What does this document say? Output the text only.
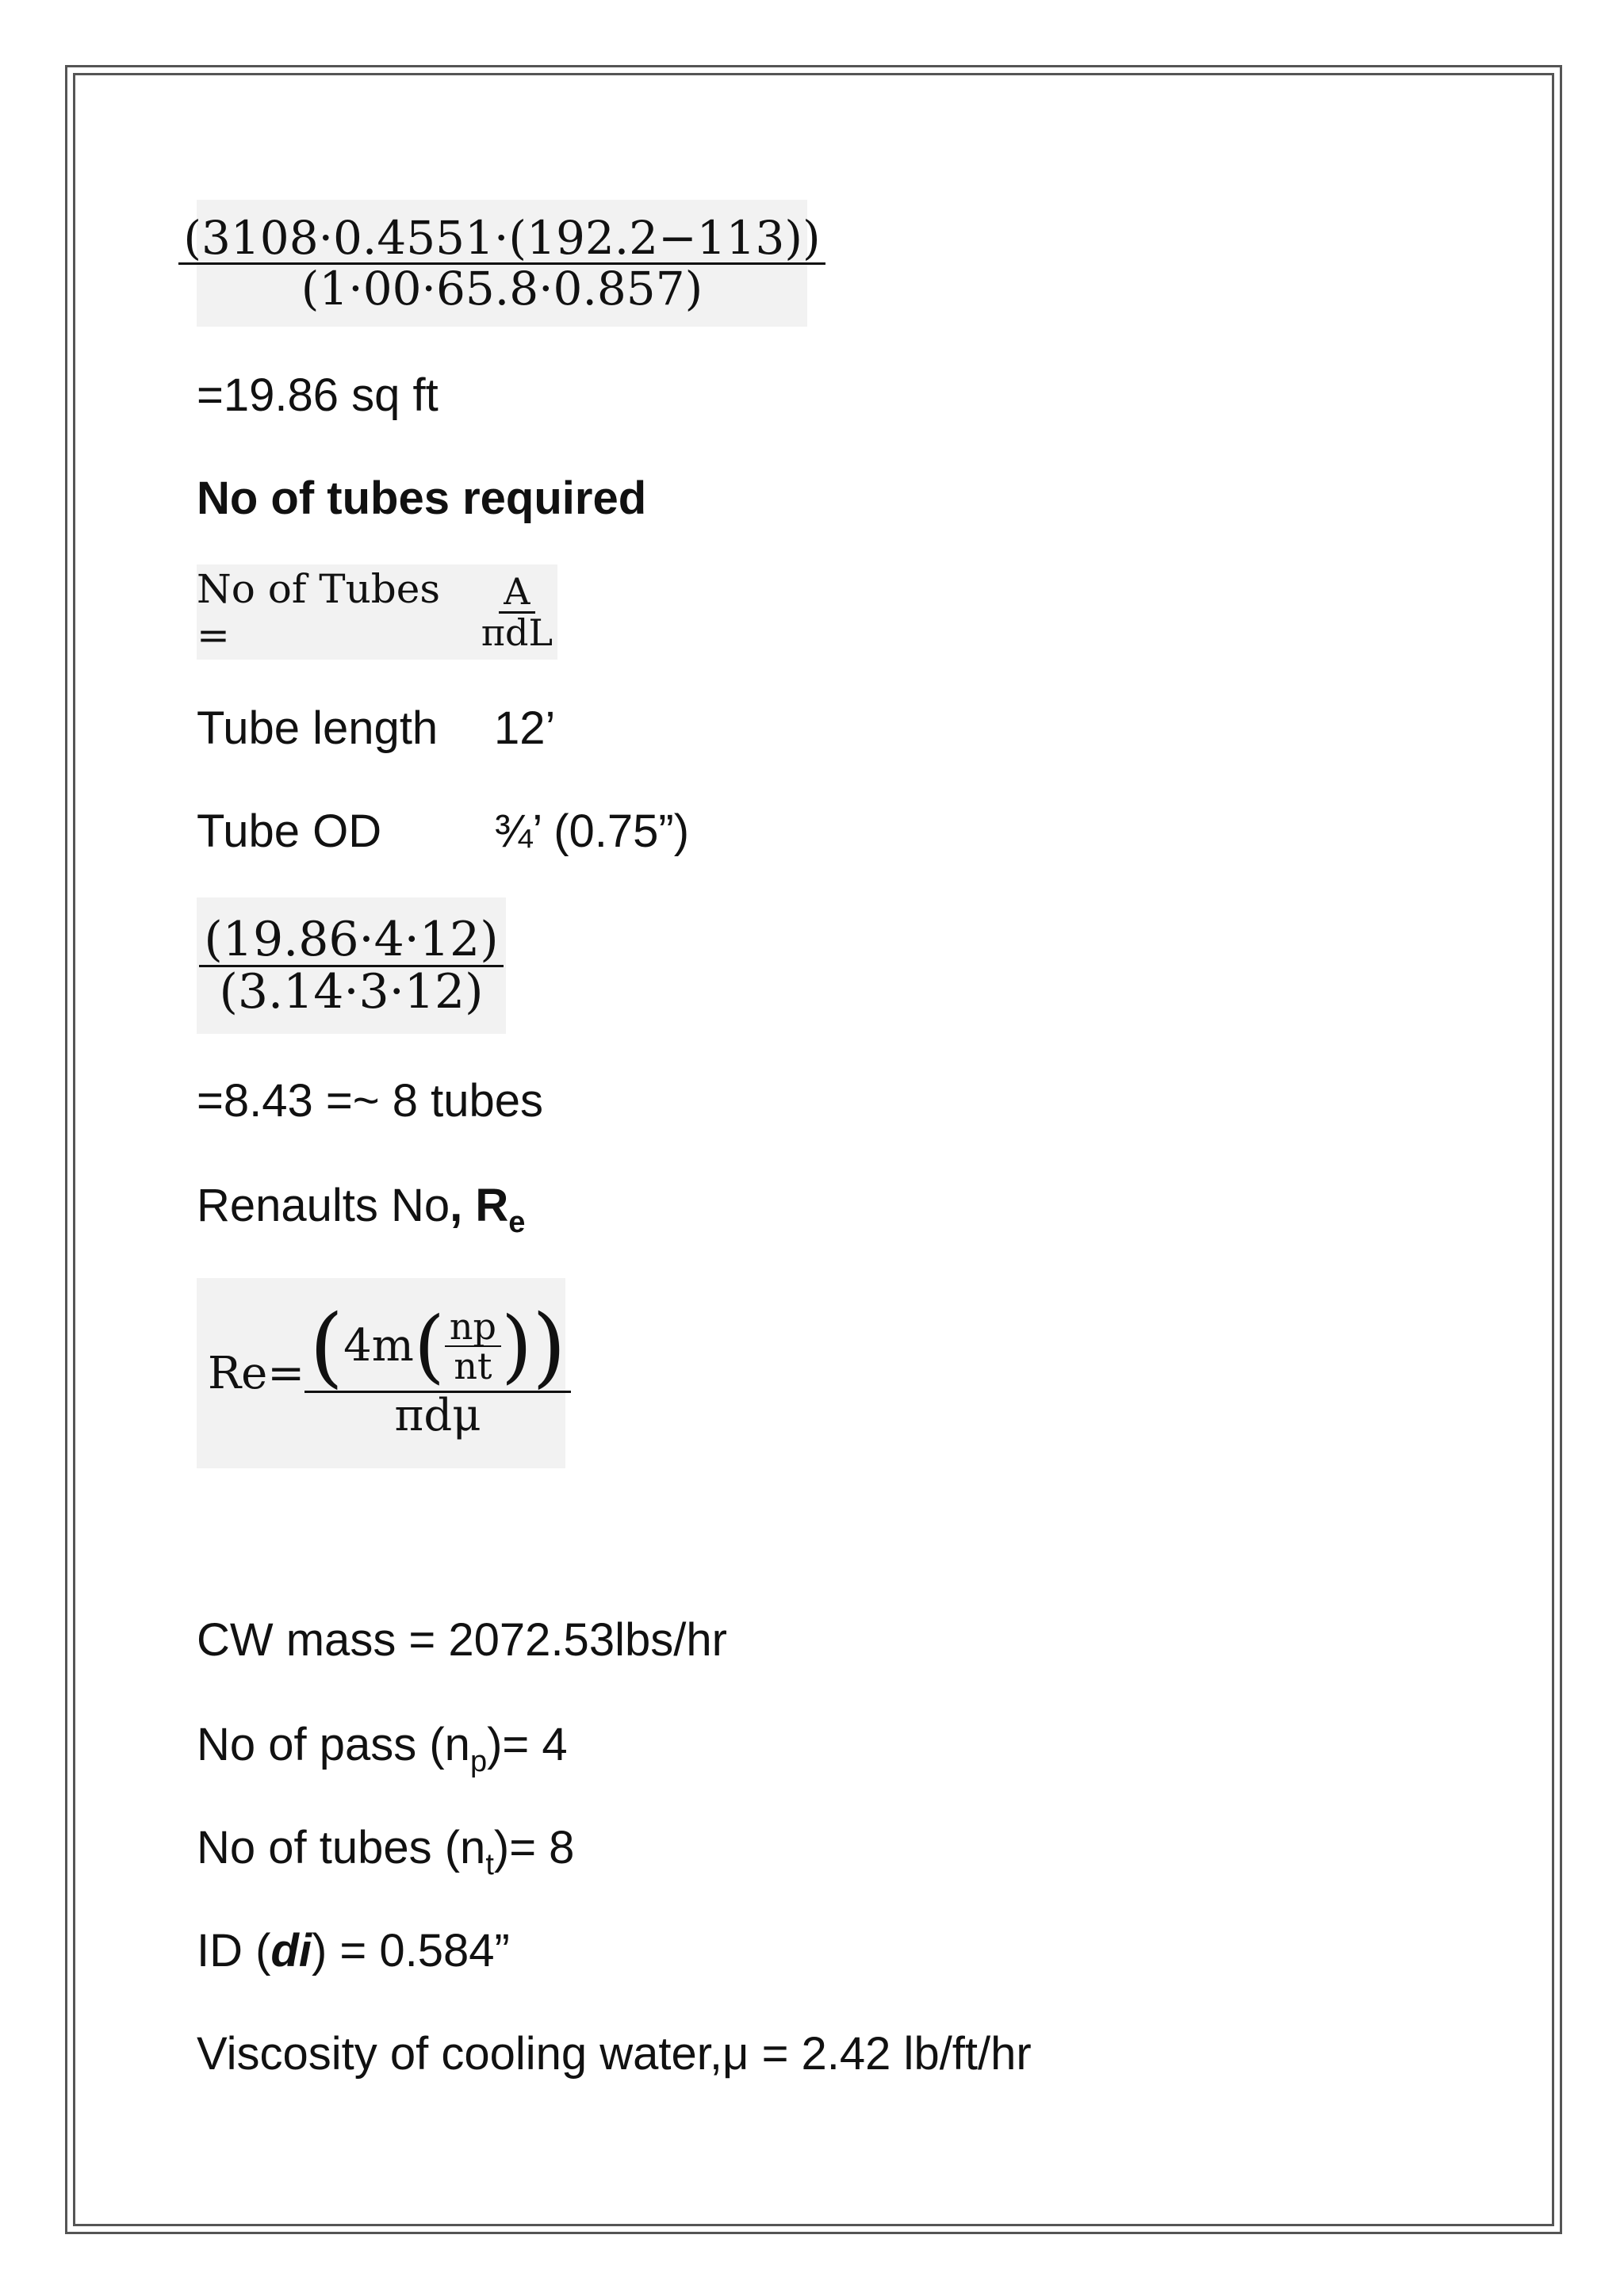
$\frac{(3108\cdot 0.4551\cdot(192.2-113))}{(1\cdot 00\cdot 65.8\cdot 0.857)}$
=19.86 sq ft
No of tubes required
No of Tubes =	$\frac{A}{\text{πdL}}$
Tube length 12’
Tube OD ¾’ (0.75”)
$\frac{(19.86\cdot 4\cdot 12)}{(3.14\cdot 3\cdot 12)}$
=8.43 =~ 8 tubes
Renaults No, $R_e$
Re= ( 4m ( $\frac{np}{nt}$ ) )
πdμ
CW mass = 2072.53lbs/hr
No of pass $(n_p)= 4$
No of tubes $(n_t)= 8$
ID (di) = 0.584”
Viscosity of cooling water,μ = 2.42 lb/ft/hr
